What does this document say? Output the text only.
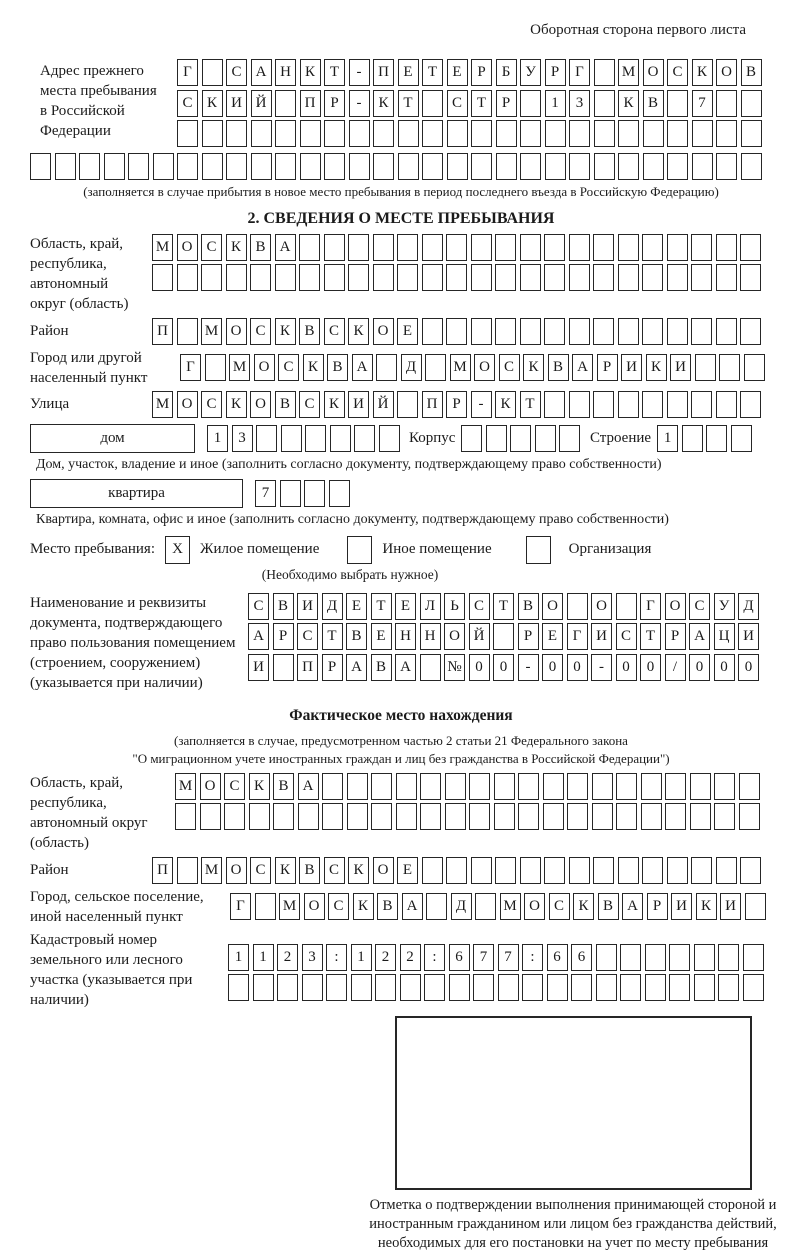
Оборотная сторона первого листа
Адрес прежнего места пребывания в Российской Федерации
Г	С А Н К Т	-	П Е	Т	Е	Р	Б У	Р	Г	М О С К О В
С К И Й	П Р	-	К Т	С Т	Р	1	3	К В	7
(заполняется в случае прибытия в новое место пребывания в период последнего въезда в Российскую Федерацию)
2. СВЕДЕНИЯ О МЕСТЕ ПРЕБЫВАНИЯ
Область, край, республика, автономный округ (область)
М О С К В А
Район	П	М О С К В С К О Е
Город или другой населенный пункт
Г	М О С К В А	Д	М О С К В А Р И К И
Улица	М О С К О В С К И Й	П Р	-	К Т
дом	1	3	Корпус	Строение 1
Дом, участок, владение и иное (заполнить согласно документу, подтверждающему право собственности)
квартира	7
Квартира, комната, офис и иное (заполнить согласно документу, подтверждающему право собственности)
Место пребывания:	X	Жилое помещение	Иное помещение	Организация
(Необходимо выбрать нужное)
Наименование и реквизиты документа, подтверждающего право пользования помещением (строением, сооружением) (указывается при наличии)
С В И Д Е	Т	Е Л	Ь	С Т В О	О	Г О С У Д
А Р	С Т В Е Н Н О Й	Р	Е	Г И С Т	Р А Ц И
И	П Р А В А	№ 0	0	-	0	0	-	0	0	/	0	0	0
Фактическое место нахождения
(заполняется в случае, предусмотренном частью 2 статьи 21 Федерального закона
"О миграционном учете иностранных граждан и лиц без гражданства в Российской Федерации")
Область, край, республика, автономный округ (область)
М О С К В А
Район	П	М О С К В С К О Е
Город, сельское поселение, иной населенный пункт
Г	М О С К В А	Д	М О С К В А Р И К И
Кадастровый номер земельного или лесного участка (указывается при наличии)
1	1	2	3	:	1	2	2	:	6	7	7	:	6	6
Отметка о подтверждении выполнения принимающей стороной и иностранным гражданином или лицом без гражданства действий, необходимых для его постановки на учет по месту пребывания
